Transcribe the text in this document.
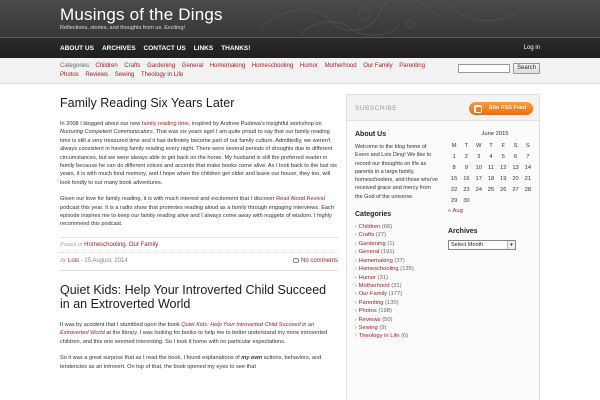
Musings of the Dings
Reflections, stories, and thoughts from us. Exciting!
ABOUT US ARCHIVES CONTACT US LINKS THANKS!	Log in
Categories: Children Crafts Gardening General Homemaking Homeschooling Humor Motherhood Our Family Parenting Photos Reviews Sewing Theology in Life
Search
Family Reading Six Years Later

In 2008 I blogged about our new family reading time, inspired by Andrew Pudewa's insightful workshop on Nurturing Competent Communicators. That was six years ago! I am quite proud to say that our family reading time is still a very treasured time and it has definitely become part of our family culture. Admittedly, we weren't always consistent in having family reading every night. There were several periods of droughts due to different circumstances, but we were always able to get back on the horse. My husband is still the preferred reader in family because he can do different voices and accents that make books come alive. As I look back to the last six years, it is with much fond memory, and I hope when the children get older and leave our house, they too, will look fondly to our many book adventures.

Given our love for family reading, it is with much interest and excitement that I discover Read Aloud Revival podcast this year. It is a radio show that promotes reading aloud as a family through engaging interviews. Each episode inspires me to keep our family reading alive and I always come away with nuggets of wisdom. I highly recommend this podcast.

Posted in Homeschooling, Our Family
By Lois - 25 August, 2014	No comments
Quiet Kids: Help Your Introverted Child Succeed in an Extroverted World

It was by accident that I stumbled upon the book Quiet Kids: Help Your Introverted Child Succeed in an Extroverted World at the library. I was looking for books to help me to better understand my more introverted children, and this one seemed interesting. So I took it home with no particular expectations.

So it was a great surprise that as I read the book, I found explanations of my own actions, behaviors, and tendencies as an introvert. On top of that, the book opened my eyes to see that

SUBSCRIBE	Site RSS Feed
About Us
Welcome to the blog home of Evers and Lois Ding! We like to record our thoughts on life as parents in a large family, homeschoolers, and those who've received grace and mercy from the God of the universe.
Categories
› Children (66)
› Crafts (27)
› Gardening (1)
› General (191)
› Homemaking (37)
› Homeschooling (135)
› Humor (31)
› Motherhood (31)
› Our Family (177)
› Parenting (130)
› Photos (198)
› Reviews (50)
› Sewing (9)
› Theology in Life (6)
June 2015
M	T	W	T	F	S	S
1	2	3	4	5	6	7
8	9	10	11	12	13	14
15	16	17	18	19	20	21
22	23	24	25	26	27	28
29	30					
« Aug
Archives
Select Month	▾
